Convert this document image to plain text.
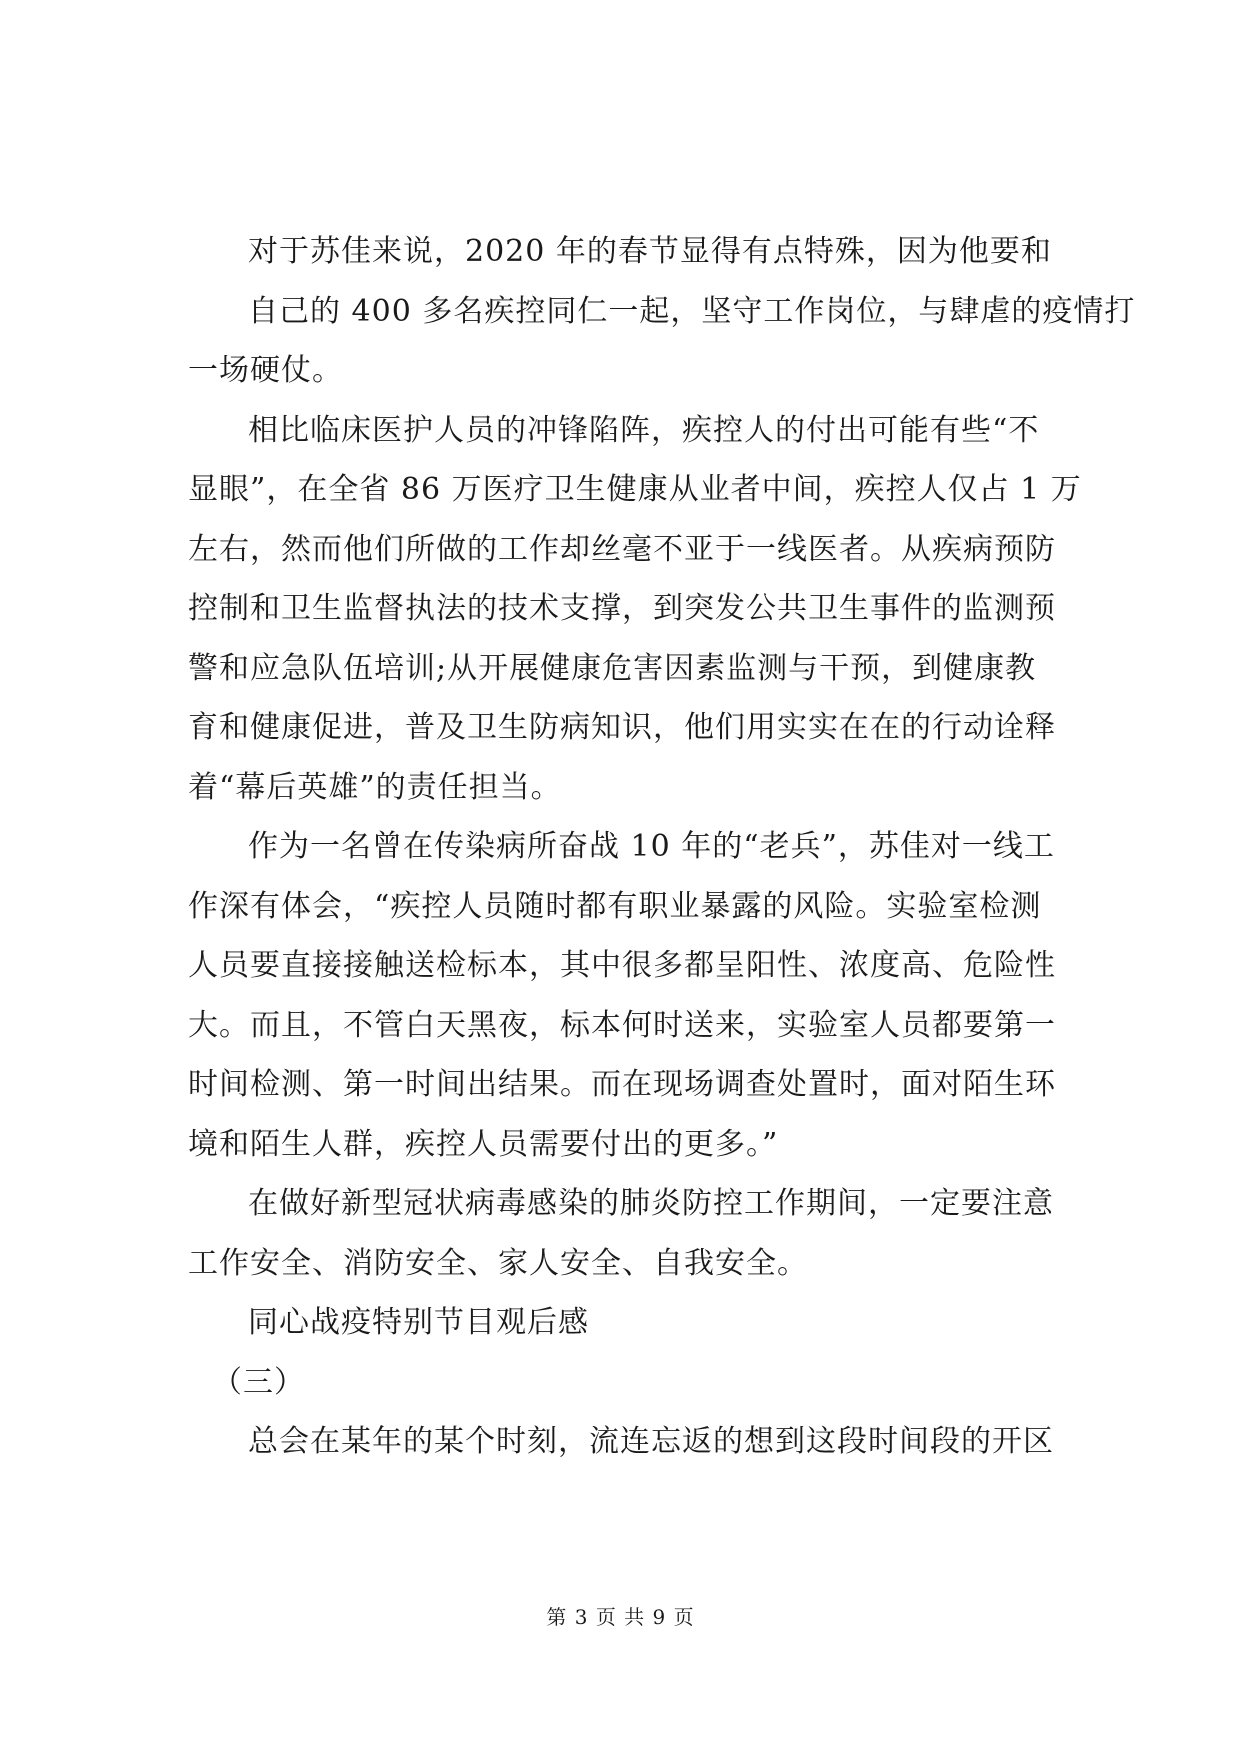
对于苏佳来说，2020 年的春节显得有点特殊，因为他要和
自己的 400 多名疾控同仁一起，坚守工作岗位，与肆虐的疫情打
一场硬仗。

相比临床医护人员的冲锋陷阵，疾控人的付出可能有些“不
显眼”，在全省 86 万医疗卫生健康从业者中间，疾控人仅占 1 万
左右，然而他们所做的工作却丝毫不亚于一线医者。从疾病预防
控制和卫生监督执法的技术支撑，到突发公共卫生事件的监测预
警和应急队伍培训;从开展健康危害因素监测与干预，到健康教
育和健康促进，普及卫生防病知识，他们用实实在在的行动诠释
着“幕后英雄”的责任担当。

作为一名曾在传染病所奋战 10 年的“老兵”，苏佳对一线工
作深有体会，“疾控人员随时都有职业暴露的风险。实验室检测
人员要直接接触送检标本，其中很多都呈阳性、浓度高、危险性
大。而且，不管白天黑夜，标本何时送来，实验室人员都要第一
时间检测、第一时间出结果。而在现场调查处置时，面对陌生环
境和陌生人群，疾控人员需要付出的更多。”

在做好新型冠状病毒感染的肺炎防控工作期间，一定要注意
工作安全、消防安全、家人安全、自我安全。

同心战疫特别节目观后感

（三）

总会在某年的某个时刻，流连忘返的想到这段时间段的开区

第 3 页 共 9 页
